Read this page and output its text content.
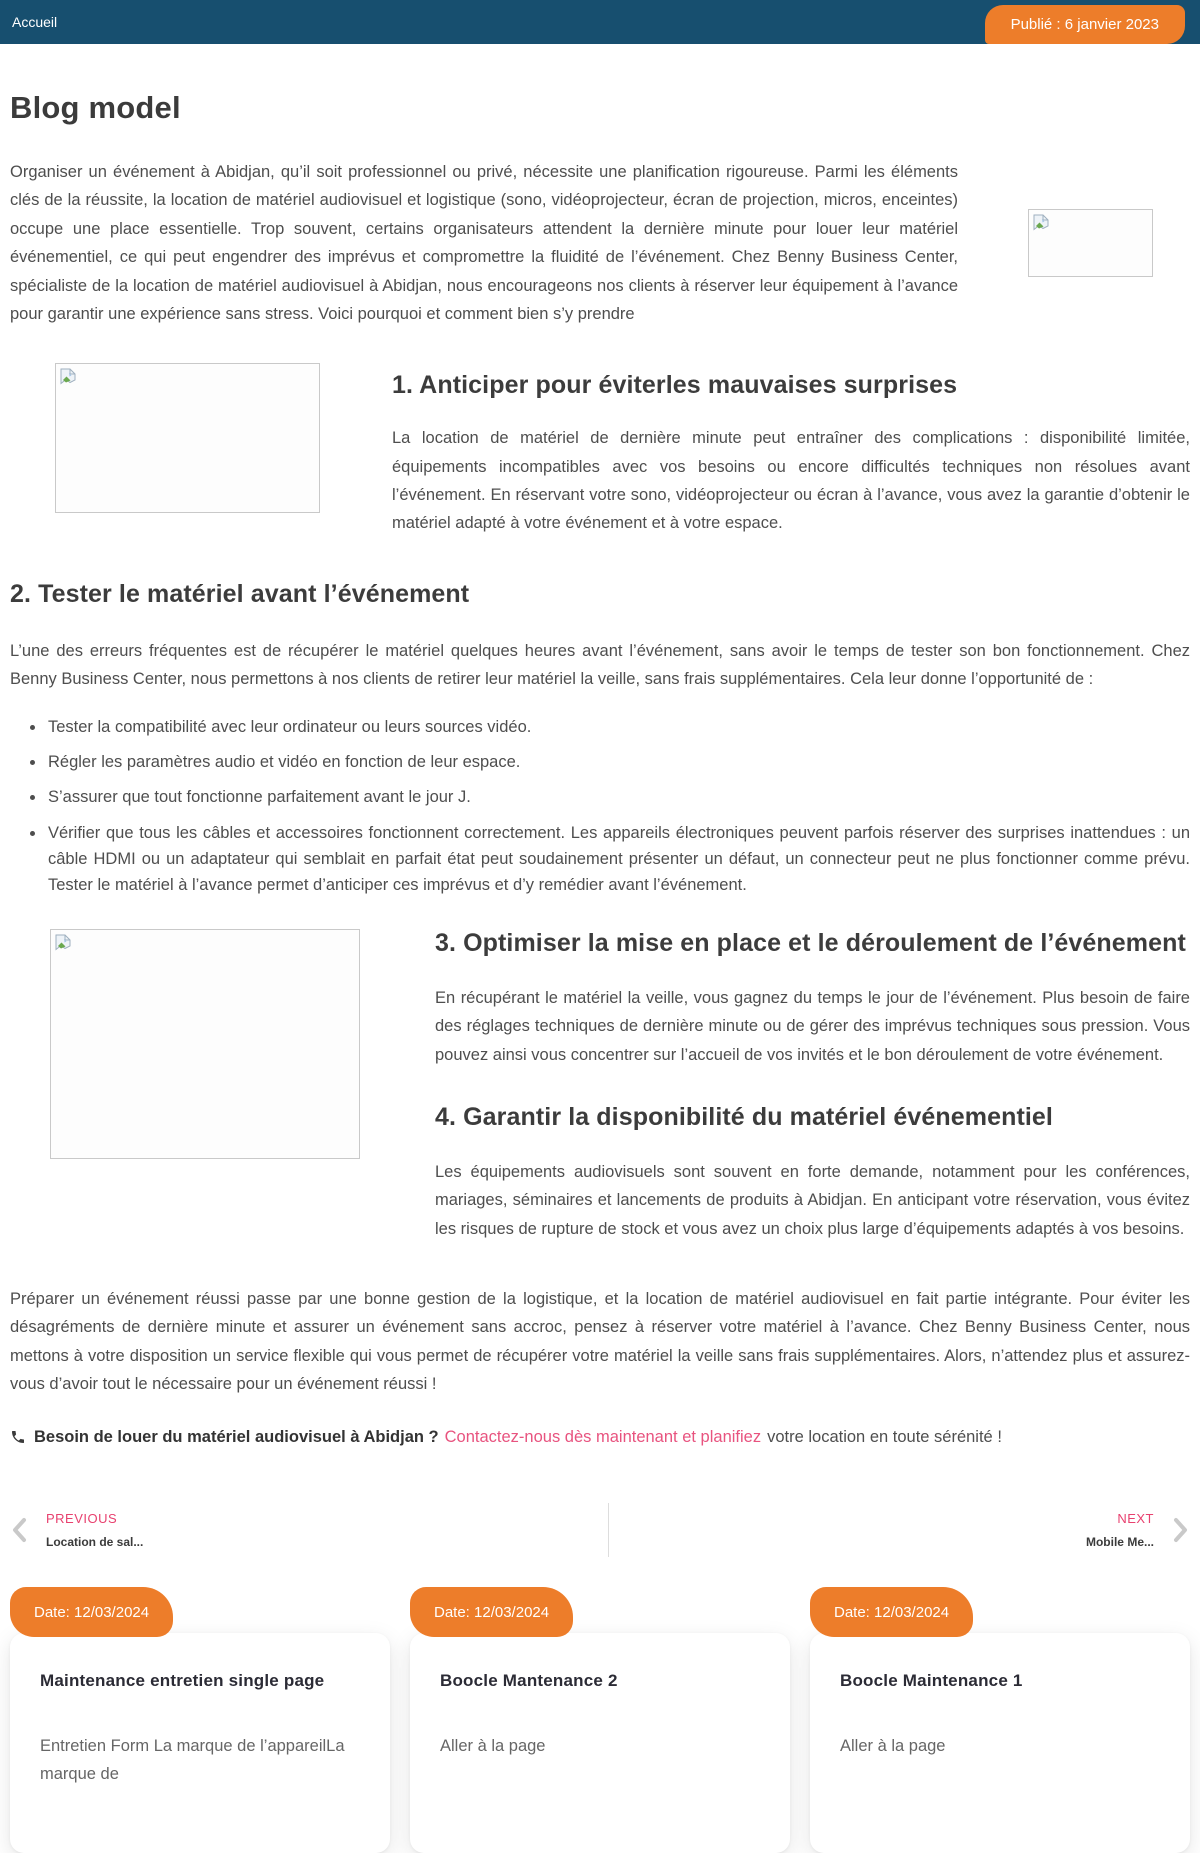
Accueil	Publié : 6 janvier 2023
Blog model

Organiser un événement à Abidjan, qu’il soit professionnel ou privé, nécessite une planification rigoureuse. Parmi les éléments clés de la réussite, la location de matériel audiovisuel et logistique (sono, vidéoprojecteur, écran de projection, micros, enceintes) occupe une place essentielle. Trop souvent, certains organisateurs attendent la dernière minute pour louer leur matériel événementiel, ce qui peut engendrer des imprévus et compromettre la fluidité de l’événement. Chez Benny Business Center, spécialiste de la location de matériel audiovisuel à Abidjan, nous encourageons nos clients à réserver leur équipement à l’avance pour garantir une expérience sans stress. Voici pourquoi et comment bien s’y prendre

1. Anticiper pour éviterles mauvaises surprises

La location de matériel de dernière minute peut entraîner des complications : disponibilité limitée, équipements incompatibles avec vos besoins ou encore difficultés techniques non résolues avant l’événement. En réservant votre sono, vidéoprojecteur ou écran à l’avance, vous avez la garantie d’obtenir le matériel adapté à votre événement et à votre espace.

2. Tester le matériel avant l’événement

L’une des erreurs fréquentes est de récupérer le matériel quelques heures avant l’événement, sans avoir le temps de tester son bon fonctionnement. Chez Benny Business Center, nous permettons à nos clients de retirer leur matériel la veille, sans frais supplémentaires. Cela leur donne l’opportunité de :

• Tester la compatibilité avec leur ordinateur ou leurs sources vidéo.
• Régler les paramètres audio et vidéo en fonction de leur espace.
• S’assurer que tout fonctionne parfaitement avant le jour J.
• Vérifier que tous les câbles et accessoires fonctionnent correctement. Les appareils électroniques peuvent parfois réserver des surprises inattendues : un câble HDMI ou un adaptateur qui semblait en parfait état peut soudainement présenter un défaut, un connecteur peut ne plus fonctionner comme prévu. Tester le matériel à l’avance permet d’anticiper ces imprévus et d’y remédier avant l’événement.
3. Optimiser la mise en place et le déroulement de l’événement

En récupérant le matériel la veille, vous gagnez du temps le jour de l’événement. Plus besoin de faire des réglages techniques de dernière minute ou de gérer des imprévus techniques sous pression. Vous pouvez ainsi vous concentrer sur l’accueil de vos invités et le bon déroulement de votre événement.

4. Garantir la disponibilité du matériel événementiel

Les équipements audiovisuels sont souvent en forte demande, notamment pour les conférences, mariages, séminaires et lancements de produits à Abidjan. En anticipant votre réservation, vous évitez les risques de rupture de stock et vous avez un choix plus large d’équipements adaptés à vos besoins.

Préparer un événement réussi passe par une bonne gestion de la logistique, et la location de matériel audiovisuel en fait partie intégrante. Pour éviter les désagréments de dernière minute et assurer un événement sans accroc, pensez à réserver votre matériel à l’avance. Chez Benny Business Center, nous mettons à votre disposition un service flexible qui vous permet de récupérer votre matériel la veille sans frais supplémentaires. Alors, n’attendez plus et assurez-vous d’avoir tout le nécessaire pour un événement réussi !

Besoin de louer du matériel audiovisuel à Abidjan ? Contactez-nous dès maintenant et planifiez votre location en toute sérénité !
PREVIOUS
Location de sal...
NEXT
Mobile Me...
Date: 12/03/2024
Maintenance entretien single page
Entretien Form La marque de l’appareilLa marque de
Date: 12/03/2024
Boocle Mantenance 2
Aller à la page
Date: 12/03/2024
Boocle Maintenance 1
Aller à la page
